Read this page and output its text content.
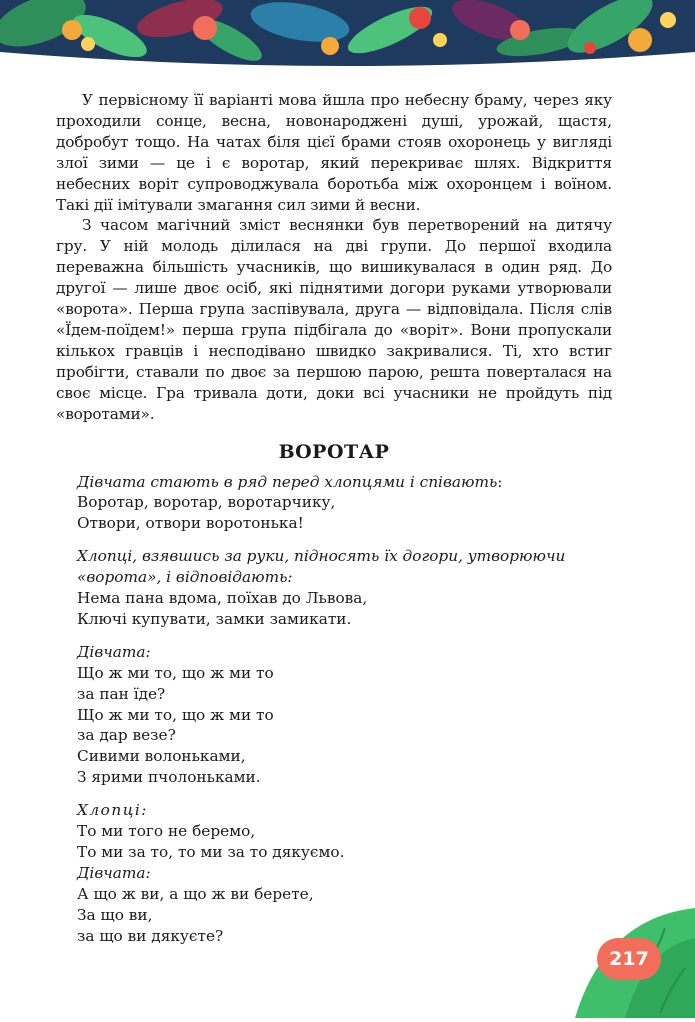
У первісному її варіанті мова йшла про небесну браму, через яку проходили сонце, весна, новонароджені душі, урожай, щастя, добробут тощо. На чатах біля цієї брами стояв охоронець у вигляді злої зими — це і є воротар, який перекриває шлях. Відкриття небесних воріт супроводжувала боротьба між охоронцем і воїном. Такі дії імітували змагання сил зими й весни.

З часом магічний зміст веснянки був перетворений на дитячу гру. У ній молодь ділилася на дві групи. До першої входила переважна більшість учасників, що вишикувалася в один ряд. До другої — лише двоє осіб, які піднятими догори руками утворювали «ворота». Перша група заспівувала, друга — відповідала. Після слів «Їдем-поїдем!» перша група підбігала до «воріт». Вони пропускали кількох гравців і несподівано швидко закривалися. Ті, хто встиг пробігти, ставали по двоє за першою парою, решта поверталася на своє місце. Гра тривала доти, доки всі учасники не пройдуть під «воротами».

ВОРОТАР
Дівчата стають в ряд перед хлопцями і співають:
Воротар, воротар, воротарчику,
Отвори, отвори воротонька!
Хлопці, взявшись за руки, підносять їх догори, утворюючи «ворота», і відповідають:
Нема пана вдома, поїхав до Львова,
Ключі купувати, замки замикати.
Дівчата:
Що ж ми то, що ж ми то
за пан їде?
Що ж ми то, що ж ми то
за дар везе?
Сивими волоньками,
З ярими пчолоньками.
Хлопці:
То ми того не беремо,
То ми за то, то ми за то дякуємо.
Дівчата:
А що ж ви, а що ж ви берете,
За що ви,
за що ви дякуєте?
217
